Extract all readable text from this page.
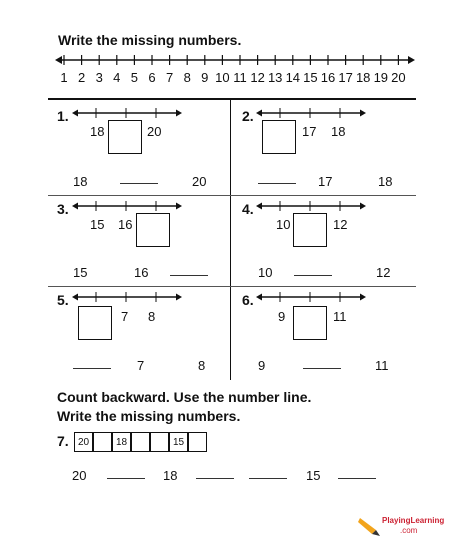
Write the missing numbers.
1 2 3 4 5 6 7 8 9 10 11 12 13 14 15 16 17 18 19 20
1.
18	20
18	20
2.
17 18
17	18
3.
15 16
15	16
4.
10	12
10	12
5.
7 8
7	8
6.
9	11
9	11
Count backward. Use the number line.
Write the missing numbers.
7. 20	18	15
20	18	15
PlayingLearning
.com
